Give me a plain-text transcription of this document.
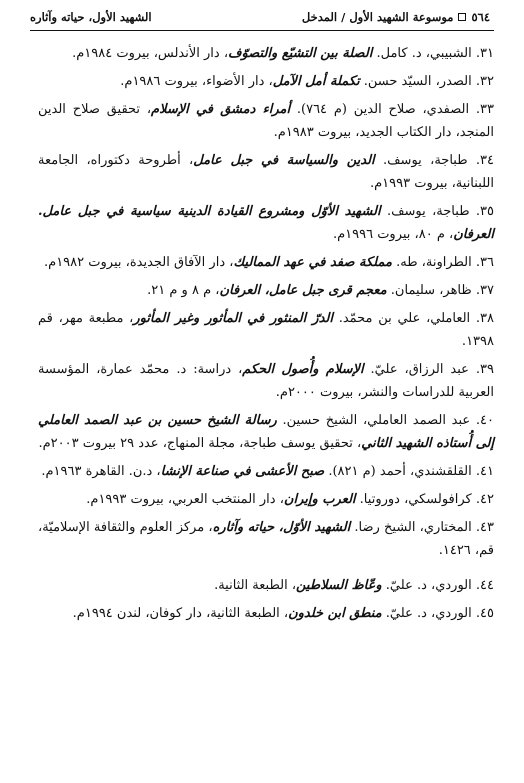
٥٦٤
موسوعة الشهيد الأول / المدخل
الشهيد الأول، حياته وآثاره
٣١. الشبيبي، د. كامل. الصلة بين التشيّع والتصوّف، دار الأندلس، بيروت ١٩٨٤م.
٣٢. الصدر، السيّد حسن. تكملة أمل الآمل، دار الأضواء، بيروت ١٩٨٦م.
٣٣. الصفدي، صلاح الدين (م ٧٦٤). أمراء دمشق في الإسلام، تحقيق صلاح الدين المنجد، دار الكتاب الجديد، بيروت ١٩٨٣م.
٣٤. طباجة، يوسف. الدين والسياسة في جبل عامل، أطروحة دكتوراه، الجامعة اللبنانية، بيروت ١٩٩٣م.
٣٥. طباجة، يوسف. الشهيد الأوّل ومشروع القيادة الدينية سياسية في جبل عامل. العرفان، م ٨٠، بيروت ١٩٩٦م.
٣٦. الطراونة، طه. مملكة صفد في عهد المماليك، دار الآفاق الجديدة، بيروت ١٩٨٢م.
٣٧. ظاهر، سليمان. معجم قرى جبل عامل، العرفان، م ٨ و م ٢١.
٣٨. العاملي، علي بن محمّد. الدرّ المنثور في المأثور وغير المأثور، مطبعة مهر، قم ١٣٩٨.
٣٩. عبد الرزاق، عليّ. الإسلام وأُصول الحكم، دراسة: د. محمّد عمارة، المؤسسة العربية للدراسات والنشر، بيروت ٢٠٠٠م.
٤٠. عبد الصمد العاملي، الشيخ حسين. رسالة الشيخ حسين بن عبد الصمد العاملي إلى أُستاذه الشهيد الثاني، تحقيق يوسف طباجة، مجلة المنهاج، عدد ٢٩ بيروت ٢٠٠٣م.
٤١. القلقشندي، أحمد (م ٨٢١). صبح الأعشى في صناعة الإنشا، د.ن. القاهرة ١٩٦٣م.
٤٢. كرافولسكي، دوروتيا. العرب وإيران، دار المنتخب العربي، بيروت ١٩٩٣م.
٤٣. المختاري، الشيخ رضا. الشهيد الأوّل، حياته وآثاره، مركز العلوم والثقافة الإسلاميّة، قم، ١٤٢٦.
٤٤. الوردي، د. عليّ. وعّاظ السلاطين، الطبعة الثانية.
٤٥. الوردي، د. عليّ. منطق ابن خلدون، الطبعة الثانية، دار كوفان، لندن ١٩٩٤م.
